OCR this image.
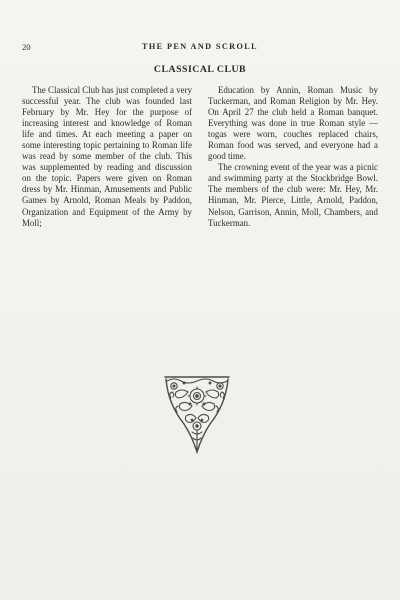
20	THE PEN AND SCROLL
CLASSICAL CLUB

The Classical Club has just completed a very successful year. The club was founded last February by Mr. Hey for the purpose of increasing interest and knowledge of Roman life and times. At each meeting a paper on some interesting topic pertaining to Roman life was read by some member of the club. This was supplemented by reading and discussion on the topic. Papers were given on Roman dress by Mr. Hinman, Amusements and Public Games by Arnold, Roman Meals by Paddon, Organization and Equipment of the Army by Moll;

Education by Annin, Roman Music by Tuckerman, and Roman Religion by Mr. Hey. On April 27 the club held a Roman banquet. Everything was done in true Roman style — togas were worn, couches replaced chairs, Roman food was served, and everyone had a good time.

The crowning event of the year was a picnic and swimming party at the Stockbridge Bowl. The members of the club were: Mr. Hey, Mr. Hinman, Mr. Pierce, Little, Arnold, Paddon, Nelson, Garrison, Annin, Moll, Chambers, and Tuckerman.
